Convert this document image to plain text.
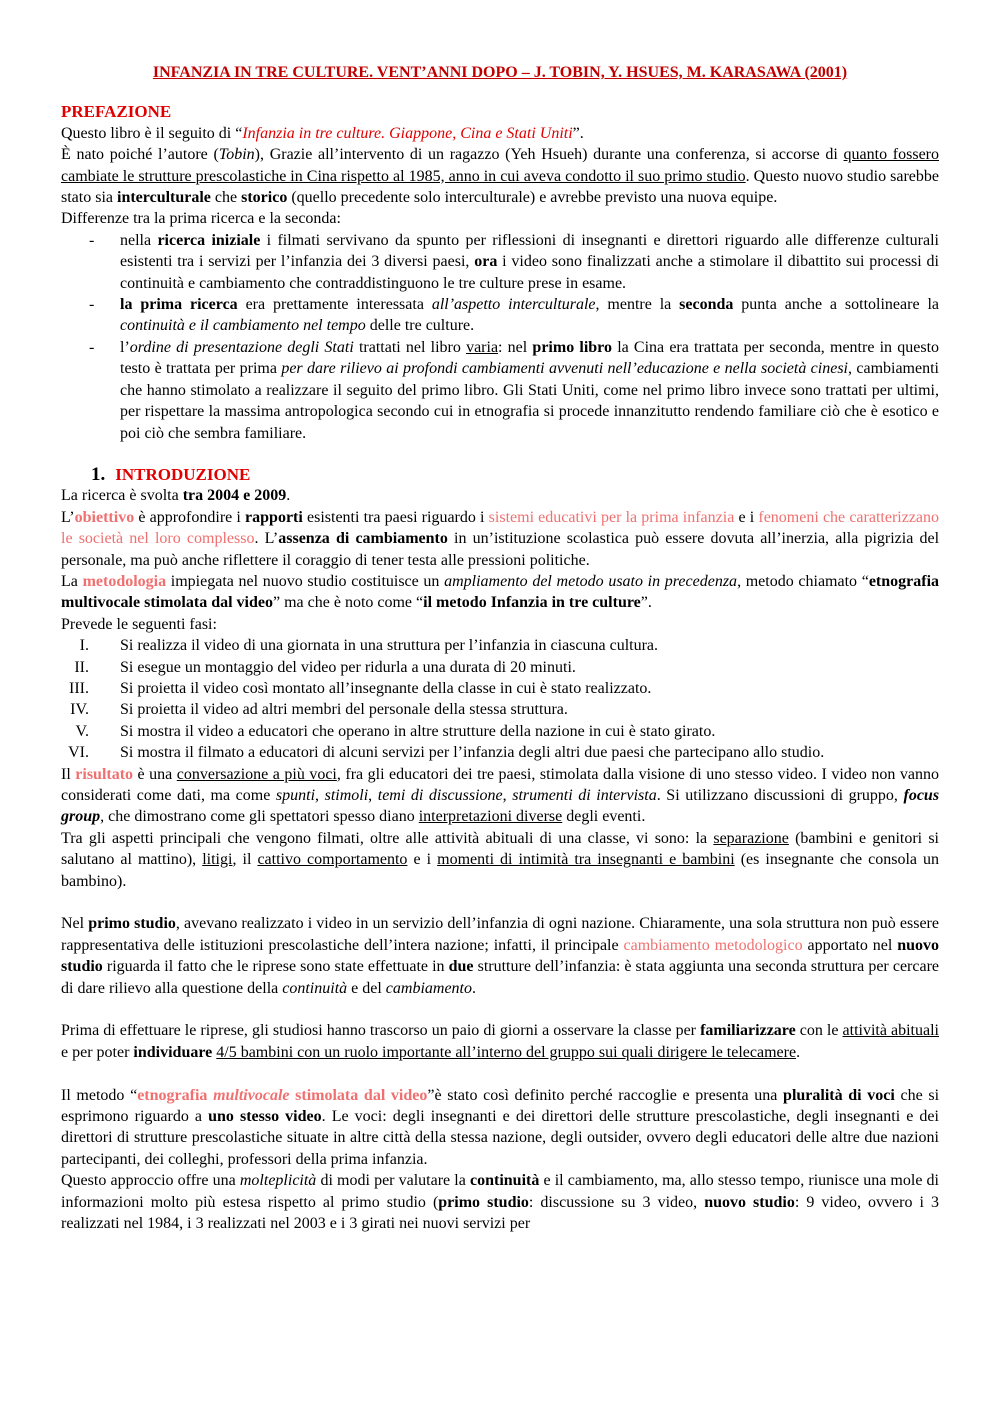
INFANZIA IN TRE CULTURE. VENT’ANNI DOPO – J. TOBIN, Y. HSUES, M. KARASAWA (2001)
PREFAZIONE

Questo libro è il seguito di “Infanzia in tre culture. Giappone, Cina e Stati Uniti”.

È nato poiché l’autore (Tobin), Grazie all’intervento di un ragazzo (Yeh Hsueh) durante una conferenza, si accorse di quanto fossero cambiate le strutture prescolastiche in Cina rispetto al 1985, anno in cui aveva condotto il suo primo studio. Questo nuovo studio sarebbe stato sia interculturale che storico (quello precedente solo interculturale) e avrebbe previsto una nuova equipe.

Differenze tra la prima ricerca e la seconda:

- nella ricerca iniziale i filmati servivano da spunto per riflessioni di insegnanti e direttori riguardo alle differenze culturali esistenti tra i servizi per l’infanzia dei 3 diversi paesi, ora i video sono finalizzati anche a stimolare il dibattito sui processi di continuità e cambiamento che contraddistinguono le tre culture prese in esame.
- la prima ricerca era prettamente interessata all’aspetto interculturale, mentre la seconda punta anche a sottolineare la continuità e il cambiamento nel tempo delle tre culture.
- l’ordine di presentazione degli Stati trattati nel libro varia: nel primo libro la Cina era trattata per seconda, mentre in questo testo è trattata per prima per dare rilievo ai profondi cambiamenti avvenuti nell’educazione e nella società cinesi, cambiamenti che hanno stimolato a realizzare il seguito del primo libro. Gli Stati Uniti, come nel primo libro invece sono trattati per ultimi, per rispettare la massima antropologica secondo cui in etnografia si procede innanzitutto rendendo familiare ciò che è esotico e poi ciò che sembra familiare.
1. INTRODUZIONE

La ricerca è svolta tra 2004 e 2009.

L’obiettivo è approfondire i rapporti esistenti tra paesi riguardo i sistemi educativi per la prima infanzia e i fenomeni che caratterizzano le società nel loro complesso. L’assenza di cambiamento in un’istituzione scolastica può essere dovuta all’inerzia, alla pigrizia del personale, ma può anche riflettere il coraggio di tener testa alle pressioni politiche.

La metodologia impiegata nel nuovo studio costituisce un ampliamento del metodo usato in precedenza, metodo chiamato “etnografia multivocale stimolata dal video” ma che è noto come “il metodo Infanzia in tre culture”.

Prevede le seguenti fasi:

I. Si realizza il video di una giornata in una struttura per l’infanzia in ciascuna cultura.
II. Si esegue un montaggio del video per ridurla a una durata di 20 minuti.
III. Si proietta il video così montato all’insegnante della classe in cui è stato realizzato.
IV. Si proietta il video ad altri membri del personale della stessa struttura.
V. Si mostra il video a educatori che operano in altre strutture della nazione in cui è stato girato.
VI. Si mostra il filmato a educatori di alcuni servizi per l’infanzia degli altri due paesi che partecipano allo studio.

Il risultato è una conversazione a più voci, fra gli educatori dei tre paesi, stimolata dalla visione di uno stesso video. I video non vanno considerati come dati, ma come spunti, stimoli, temi di discussione, strumenti di intervista. Si utilizzano discussioni di gruppo, focus group, che dimostrano come gli spettatori spesso diano interpretazioni diverse degli eventi.

Tra gli aspetti principali che vengono filmati, oltre alle attività abituali di una classe, vi sono: la separazione (bambini e genitori si salutano al mattino), litigi, il cattivo comportamento e i momenti di intimità tra insegnanti e bambini (es insegnante che consola un bambino).

Nel primo studio, avevano realizzato i video in un servizio dell’infanzia di ogni nazione. Chiaramente, una sola struttura non può essere rappresentativa delle istituzioni prescolastiche dell’intera nazione; infatti, il principale cambiamento metodologico apportato nel nuovo studio riguarda il fatto che le riprese sono state effettuate in due strutture dell’infanzia: è stata aggiunta una seconda struttura per cercare di dare rilievo alla questione della continuità e del cambiamento.

Prima di effettuare le riprese, gli studiosi hanno trascorso un paio di giorni a osservare la classe per familiarizzare con le attività abituali e per poter individuare 4/5 bambini con un ruolo importante all’interno del gruppo sui quali dirigere le telecamere.

Il metodo “etnografia multivocale stimolata dal video”è stato così definito perché raccoglie e presenta una pluralità di voci che si esprimono riguardo a uno stesso video. Le voci: degli insegnanti e dei direttori delle strutture prescolastiche, degli insegnanti e dei direttori di strutture prescolastiche situate in altre città della stessa nazione, degli outsider, ovvero degli educatori delle altre due nazioni partecipanti, dei colleghi, professori della prima infanzia.

Questo approccio offre una molteplicità di modi per valutare la continuità e il cambiamento, ma, allo stesso tempo, riunisce una mole di informazioni molto più estesa rispetto al primo studio (primo studio: discussione su 3 video, nuovo studio: 9 video, ovvero i 3 realizzati nel 1984, i 3 realizzati nel 2003 e i 3 girati nei nuovi servizi per
